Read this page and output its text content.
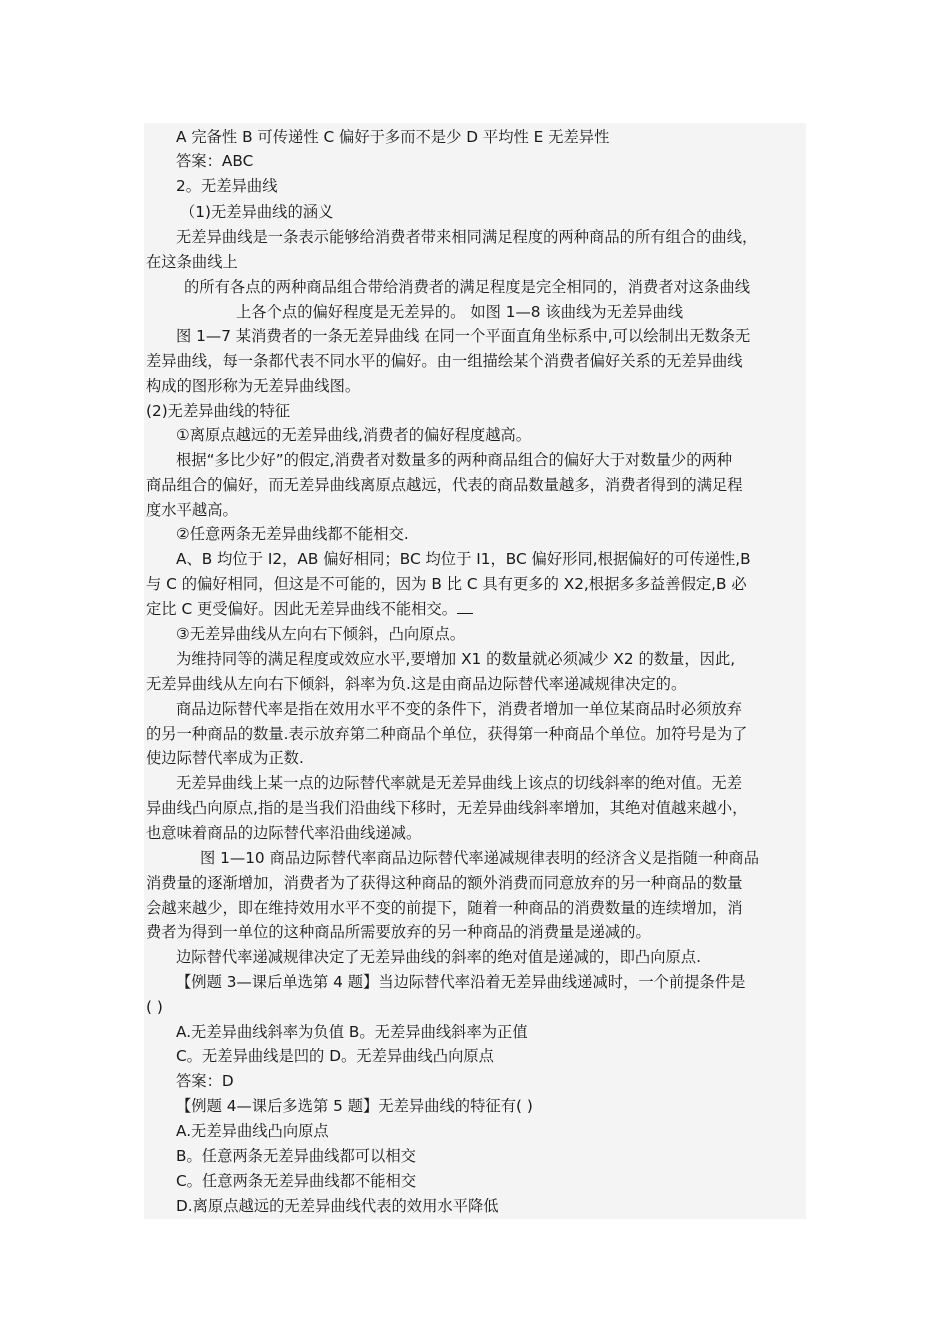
A 完备性 B 可传递性 C 偏好于多而不是少 D 平均性 E 无差异性
答案：ABC
2。无差异曲线
（1)无差异曲线的涵义
无差异曲线是一条表示能够给消费者带来相同满足程度的两种商品的所有组合的曲线，
在这条曲线上
的所有各点的两种商品组合带给消费者的满足程度是完全相同的，消费者对这条曲线
上各个点的偏好程度是无差异的。 如图 1—8 该曲线为无差异曲线
图 1—7 某消费者的一条无差异曲线 在同一个平面直角坐标系中,可以绘制出无数条无
差异曲线，每一条都代表不同水平的偏好。由一组描绘某个消费者偏好关系的无差异曲线
构成的图形称为无差异曲线图。
(2)无差异曲线的特征
①离原点越远的无差异曲线,消费者的偏好程度越高。
根据“多比少好”的假定,消费者对数量多的两种商品组合的偏好大于对数量少的两种
商品组合的偏好，而无差异曲线离原点越远，代表的商品数量越多，消费者得到的满足程
度水平越高。
②任意两条无差异曲线都不能相交.
A、B 均位于 I2，AB 偏好相同；BC 均位于 I1，BC 偏好形同,根据偏好的可传递性,B
与 C 的偏好相同，但这是不可能的，因为 B 比 C 具有更多的 X2,根据多多益善假定,B 必
定比 C 更受偏好。因此无差异曲线不能相交。
③无差异曲线从左向右下倾斜，凸向原点。
为维持同等的满足程度或效应水平,要增加 X1 的数量就必须减少 X2 的数量，因此,
无差异曲线从左向右下倾斜，斜率为负.这是由商品边际替代率递减规律决定的。
商品边际替代率是指在效用水平不变的条件下，消费者增加一单位某商品时必须放弃
的另一种商品的数量.表示放弃第二种商品个单位，获得第一种商品个单位。加符号是为了
使边际替代率成为正数.
无差异曲线上某一点的边际替代率就是无差异曲线上该点的切线斜率的绝对值。无差
异曲线凸向原点,指的是当我们沿曲线下移时，无差异曲线斜率增加，其绝对值越来越小，
也意味着商品的边际替代率沿曲线递减。
图 1—10 商品边际替代率商品边际替代率递减规律表明的经济含义是指随一种商品
消费量的逐渐增加，消费者为了获得这种商品的额外消费而同意放弃的另一种商品的数量
会越来越少，即在维持效用水平不变的前提下，随着一种商品的消费数量的连续增加，消
费者为得到一单位的这种商品所需要放弃的另一种商品的消费量是递减的。
边际替代率递减规律决定了无差异曲线的斜率的绝对值是递减的，即凸向原点.
【例题 3—课后单选第 4 题】当边际替代率沿着无差异曲线递减时，一个前提条件是
( )
A.无差异曲线斜率为负值 B。无差异曲线斜率为正值
C。无差异曲线是凹的 D。无差异曲线凸向原点
答案：D
【例题 4—课后多选第 5 题】无差异曲线的特征有( )
A.无差异曲线凸向原点
B。任意两条无差异曲线都可以相交
C。任意两条无差异曲线都不能相交
D.离原点越远的无差异曲线代表的效用水平降低
